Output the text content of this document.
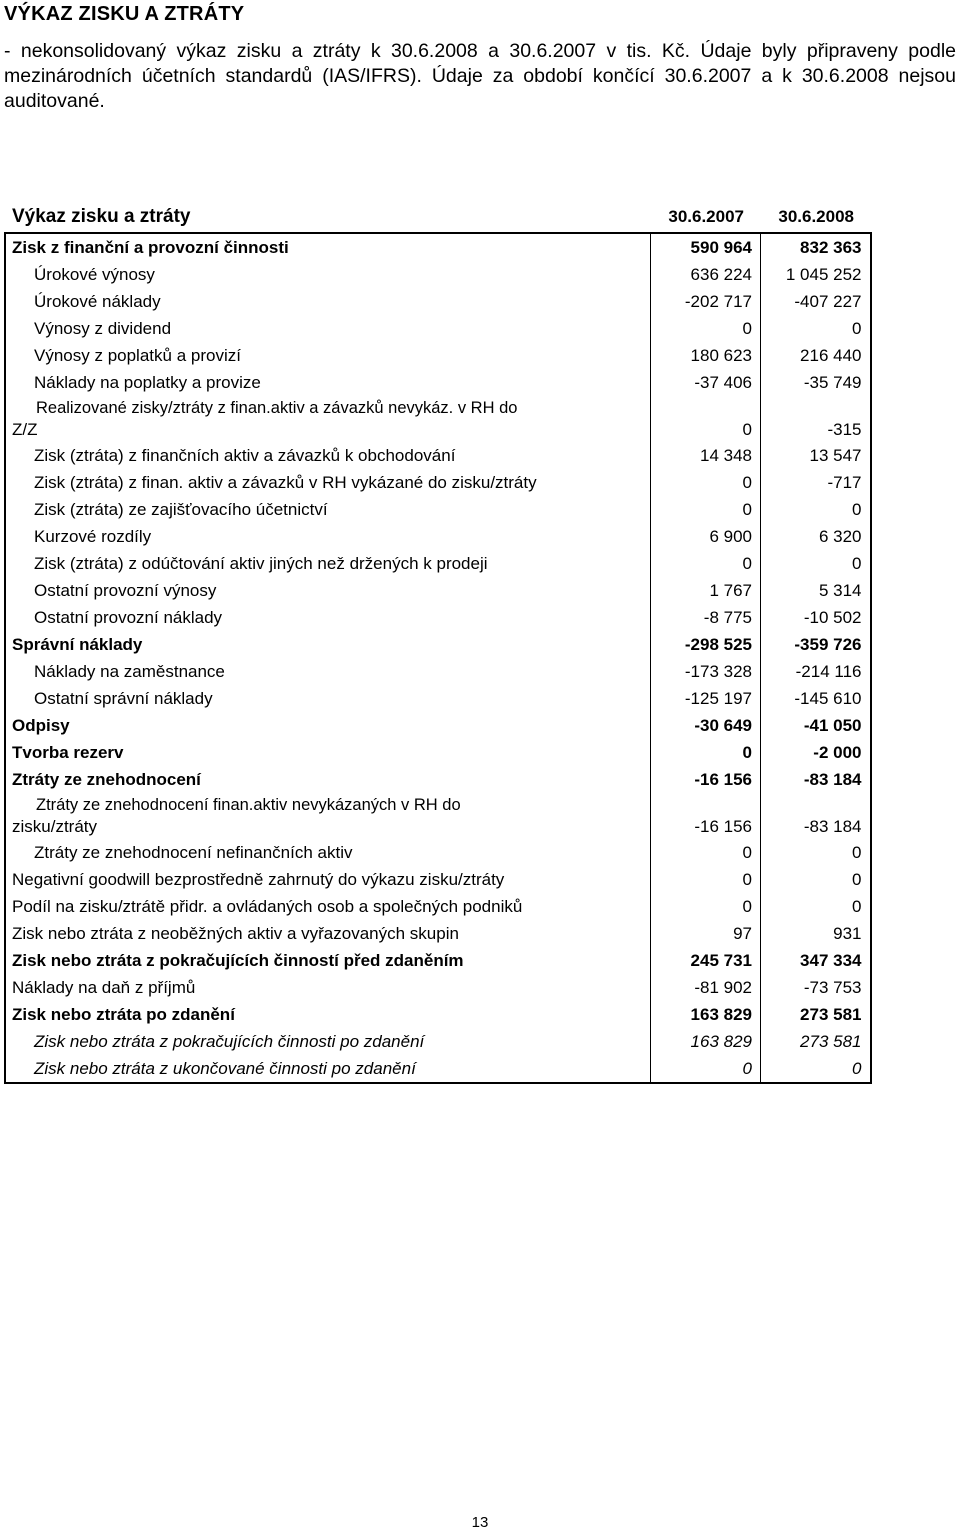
VÝKAZ ZISKU A ZTRÁTY
- nekonsolidovaný výkaz zisku a ztráty k 30.6.2008 a 30.6.2007 v tis. Kč. Údaje byly připraveny podle mezinárodních účetních standardů (IAS/IFRS). Údaje za období končící 30.6.2007 a k 30.6.2008 nejsou auditované.
Výkaz zisku a ztráty	30.6.2007	30.6.2008
Zisk z finanční a provozní činnosti	590 964	832 363
Úrokové výnosy	636 224	1 045 252
Úrokové náklady	-202 717	-407 227
Výnosy z dividend	0	0
Výnosy z poplatků a provizí	180 623	216 440
Náklady na poplatky a provize	-37 406	-35 749

Realizované zisky/ztráty z finan.aktiv a závazků nevykáz. v RH do
Z/Z	0	-315
Zisk (ztráta) z finančních aktiv a závazků k obchodování	14 348	13 547
Zisk (ztráta) z finan. aktiv a závazků v RH vykázané do zisku/ztráty	0	-717
Zisk (ztráta) ze zajišťovacího účetnictví	0	0
Kurzové rozdíly	6 900	6 320
Zisk (ztráta) z odúčtování aktiv jiných než držených k prodeji	0	0
Ostatní provozní výnosy	1 767	5 314
Ostatní provozní náklady	-8 775	-10 502
Správní náklady	-298 525	-359 726
Náklady na zaměstnance	-173 328	-214 116
Ostatní správní náklady	-125 197	-145 610
Odpisy	-30 649	-41 050
Tvorba rezerv	0	-2 000
Ztráty ze znehodnocení	-16 156	-83 184

Ztráty ze znehodnocení finan.aktiv nevykázaných v RH do
zisku/ztráty	-16 156	-83 184
Ztráty ze znehodnocení nefinančních aktiv	0	0
Negativní goodwill bezprostředně zahrnutý do výkazu zisku/ztráty	0	0
Podíl na zisku/ztrátě přidr. a ovládaných osob a společných podniků	0	0
Zisk nebo ztráta z neoběžných aktiv a vyřazovaných skupin	97	931
Zisk nebo ztráta z pokračujících činností před zdaněním	245 731	347 334
Náklady na daň z příjmů	-81 902	-73 753
Zisk nebo ztráta po zdanění	163 829	273 581
Zisk nebo ztráta z pokračujících činnosti po zdanění	163 829	273 581
Zisk nebo ztráta z ukončované činnosti po zdanění	0	0
13
